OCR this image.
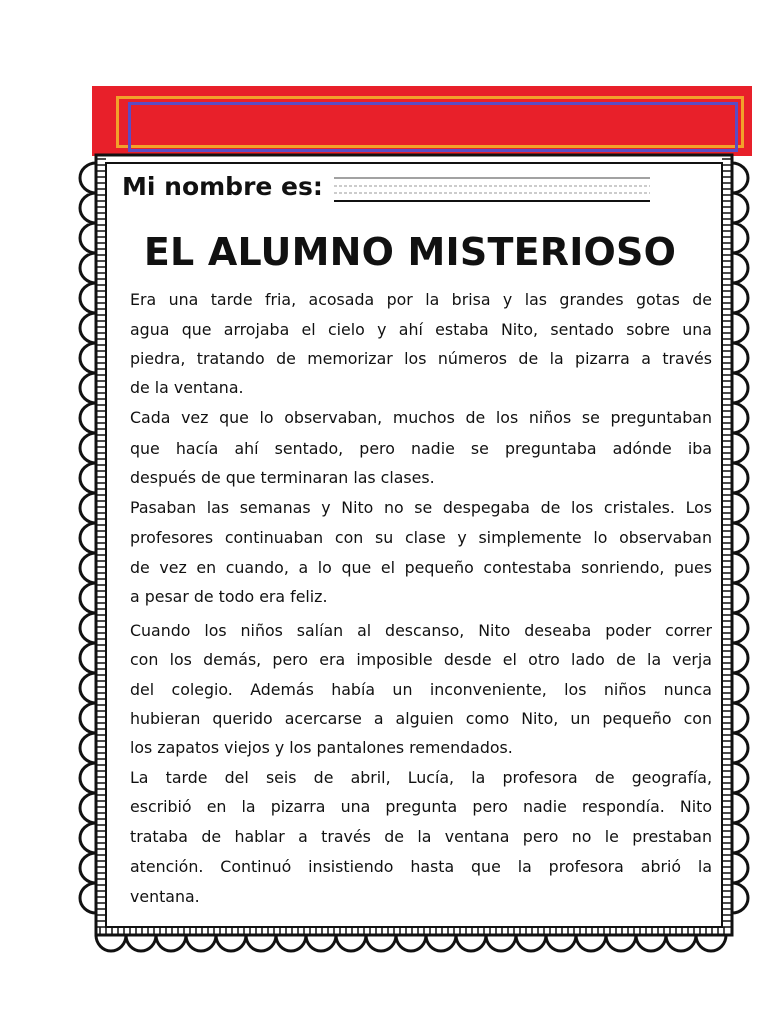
Mi nombre es:
EL ALUMNO MISTERIOSO
Era una tarde fria, acosada por la brisa y las grandes gotas de
agua que arrojaba el cielo y ahí estaba Nito, sentado sobre una
piedra, tratando de memorizar los números de la pizarra a través
de la ventana.
Cada vez que lo observaban, muchos de los niños se preguntaban
que hacía ahí sentado, pero nadie se preguntaba adónde iba
después de que terminaran las clases.
Pasaban las semanas y Nito no se despegaba de los cristales. Los
profesores continuaban con su clase y simplemente lo observaban
de vez en cuando, a lo que el pequeño contestaba sonriendo, pues
a pesar de todo era feliz.
Cuando los niños salían al descanso, Nito deseaba poder correr
con los demás, pero era imposible desde el otro lado de la verja
del colegio. Además había un inconveniente, los niños nunca
hubieran querido acercarse a alguien como Nito, un pequeño con
los zapatos viejos y los pantalones remendados.
La tarde del seis de abril, Lucía, la profesora de geografía,
escribió en la pizarra una pregunta pero nadie respondía. Nito
trataba de hablar a través de la ventana pero no le prestaban
atención. Continuó insistiendo hasta que la profesora abrió la
ventana.
